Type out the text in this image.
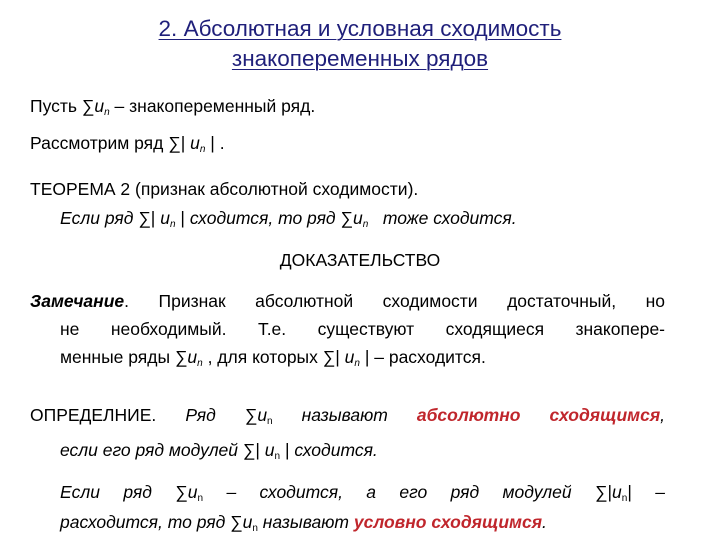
2. Абсолютная и условная сходимость
знакопеременных рядов
Пусть $\sum u_n$ – знакопеременный ряд.
Рассмотрим ряд ∑| $u_n$ | .
ТЕОРЕМА 2 (признак абсолютной сходимости).
Если ряд ∑| $u_n$ | сходится, то ряд $\sum u_n$   тоже сходится.
ДОКАЗАТЕЛЬСТВО
Замечание. Признак абсолютной сходимости достаточный, но
не необходимый. Т.е. существуют сходящиеся знакопере-
менные ряды $\sum u_n$ , для которых ∑| $u_n$ | – расходится.
ОПРЕДЕЛНИЕ. Ряд $\sum u_n$ называют абсолютно сходящимся,
если его ряд модулей ∑| $u_n$ | сходится.
Если ряд $\sum u_n$ – сходится, а его ряд модулей $\sum|u_n|$ –
расходится, то ряд $\sum u_n$ называют условно сходящимся.
